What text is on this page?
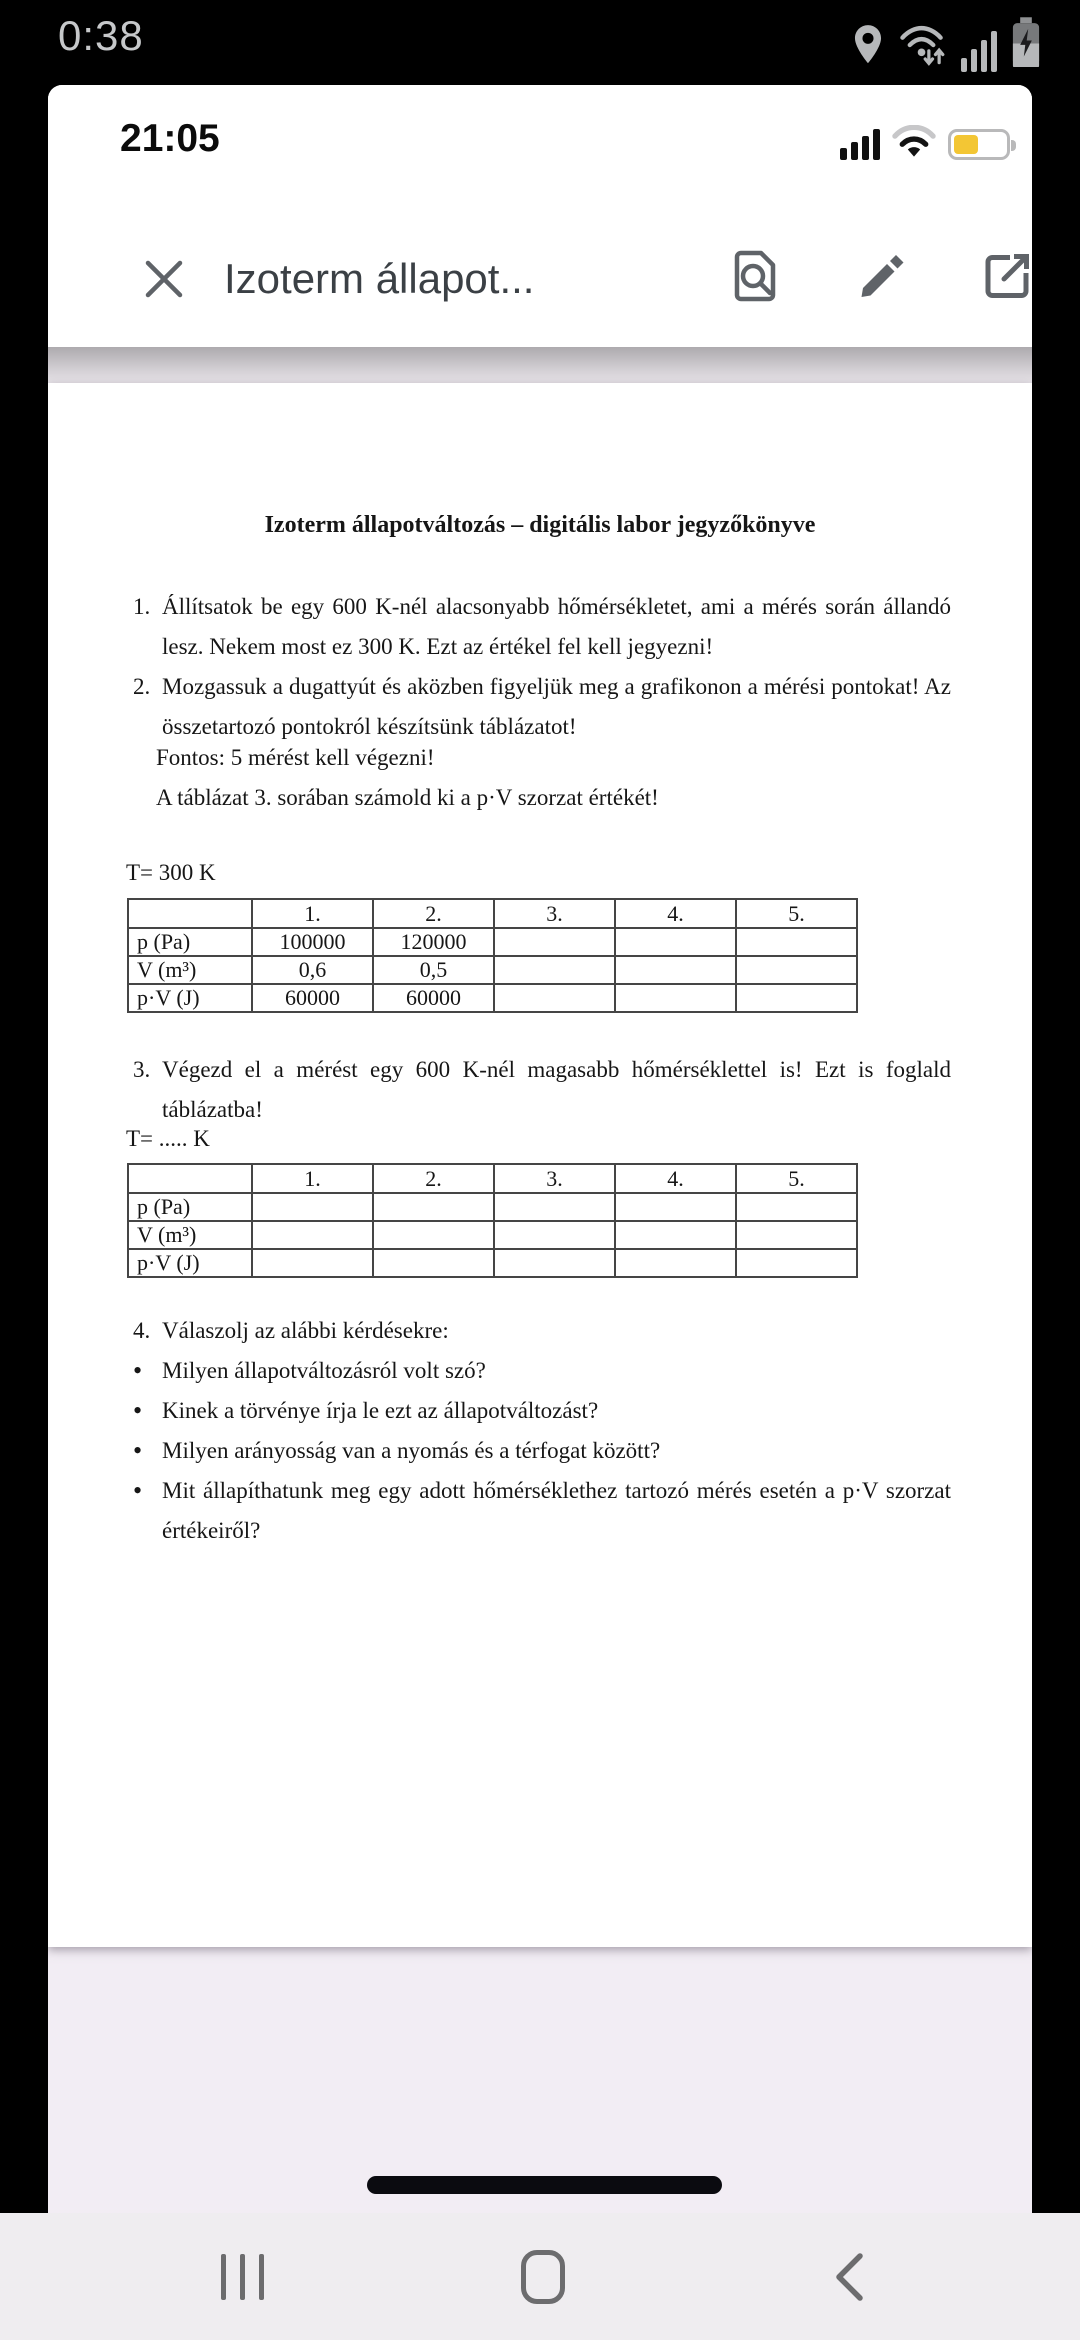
0:38
21:05
Izoterm állapot...
Izoterm állapotváltozás – digitális labor jegyzőkönyve
1. Állítsatok be egy 600 K-nél alacsonyabb hőmérsékletet, ami a mérés során állandó lesz. Nekem most ez 300 K. Ezt az értékel fel kell jegyezni!
2. Mozgassuk a dugattyút és aközben figyeljük meg a grafikonon a mérési pontokat! Az összetartozó pontokról készítsünk táblázatot!
Fontos: 5 mérést kell végezni!
A táblázat 3. sorában számold ki a p·V szorzat értékét!
T= 300 K
	1.	2.	3.	4.	5.
p (Pa)	100000	120000			
V (m³)	0,6	0,5			
p·V (J)	60000	60000			
3. Végezd el a mérést egy 600 K-nél magasabb hőmérséklettel is! Ezt is foglald táblázatba!
T= ..... K
	1.	2.	3.	4.	5.
p (Pa)					
V (m³)					
p·V (J)					
4. Válaszolj az alábbi kérdésekre:
• Milyen állapotváltozásról volt szó?
• Kinek a törvénye írja le ezt az állapotváltozást?
• Milyen arányosság van a nyomás és a térfogat között?
• Mit állapíthatunk meg egy adott hőmérséklethez tartozó mérés esetén a p·V szorzat értékeiről?
